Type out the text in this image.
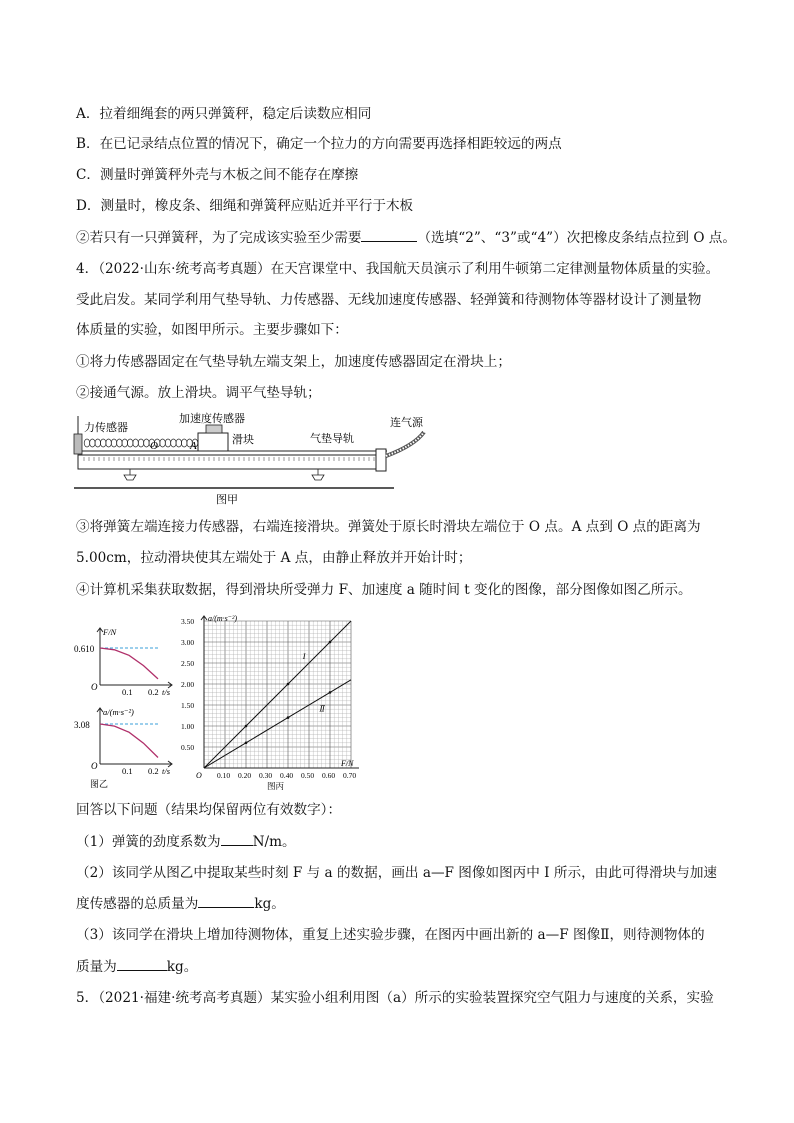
A．拉着细绳套的两只弹簧秤，稳定后读数应相同
B．在已记录结点位置的情况下，确定一个拉力的方向需要再选择相距较远的两点
C．测量时弹簧秤外壳与木板之间不能存在摩擦
D．测量时，橡皮条、细绳和弹簧秤应贴近并平行于木板
②若只有一只弹簧秤，为了完成该实验至少需要	（选填“2”、“3”或“4”）次把橡皮条结点拉到 O 点。
4．（2022·山东·统考高考真题）在天宫课堂中、我国航天员演示了利用牛顿第二定律测量物体质量的实验。
受此启发。某同学利用气垫导轨、力传感器、无线加速度传感器、轻弹簧和待测物体等器材设计了测量物
体质量的实验，如图甲所示。主要步骤如下：
①将力传感器固定在气垫导轨左端支架上，加速度传感器固定在滑块上；
②接通气源。放上滑块。调平气垫导轨；
力传感器
加速度传感器
滑块	气垫导轨
连气源
O	A
图甲
③将弹簧左端连接力传感器，右端连接滑块。弹簧处于原长时滑块左端位于 O 点。A 点到 O 点的距离为
5.00cm，拉动滑块使其左端处于 A 点，由静止释放并开始计时；
④计算机采集获取数据，得到滑块所受弹力 F、加速度 a 随时间 t 变化的图像，部分图像如图乙所示。
0.610
O	0.1 0.2 t/s
F/N
3.08
O	0.1 0.2 t/s
a/(m·s⁻²)
图乙
I
Ⅱ
0.10 0.20 0.30 0.40 0.50 0.60 0.70
0.50
1.00
1.50
2.00
2.50
3.00
3.50
O
a/(m·s⁻²)
F/N
图丙
回答以下问题（结果均保留两位有效数字）：
（1）弹簧的劲度系数为 N/m。
（2）该同学从图乙中提取某些时刻 F 与 a 的数据，画出 a—F 图像如图丙中 I 所示，由此可得滑块与加速
度传感器的总质量为	kg。
（3）该同学在滑块上增加待测物体，重复上述实验步骤，在图丙中画出新的 a—F 图像Ⅱ，则待测物体的
质量为	kg。
5．（2021·福建·统考高考真题）某实验小组利用图（a）所示的实验装置探究空气阻力与速度的关系，实验
